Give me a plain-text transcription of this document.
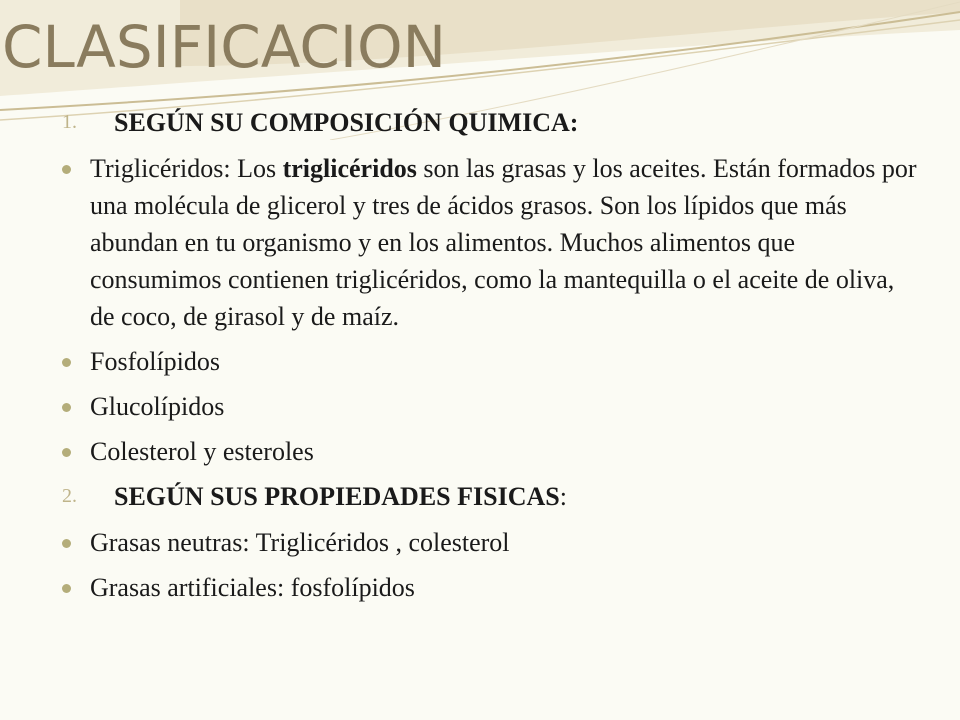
CLASIFICACION
1. SEGÚN SU COMPOSICIÓN QUIMICA:
Triglicéridos: Los triglicéridos son las grasas y los aceites. Están formados por una molécula de glicerol y tres de ácidos grasos. Son los lípidos que más abundan en tu organismo y en los alimentos. Muchos alimentos que consumimos contienen triglicéridos, como la mantequilla o el aceite de oliva, de coco, de girasol y de maíz.
Fosfolípidos
Glucolípidos
Colesterol y esteroles
2. SEGÚN SUS PROPIEDADES FISICAS:
Grasas neutras: Triglicéridos , colesterol
Grasas artificiales: fosfolípidos
